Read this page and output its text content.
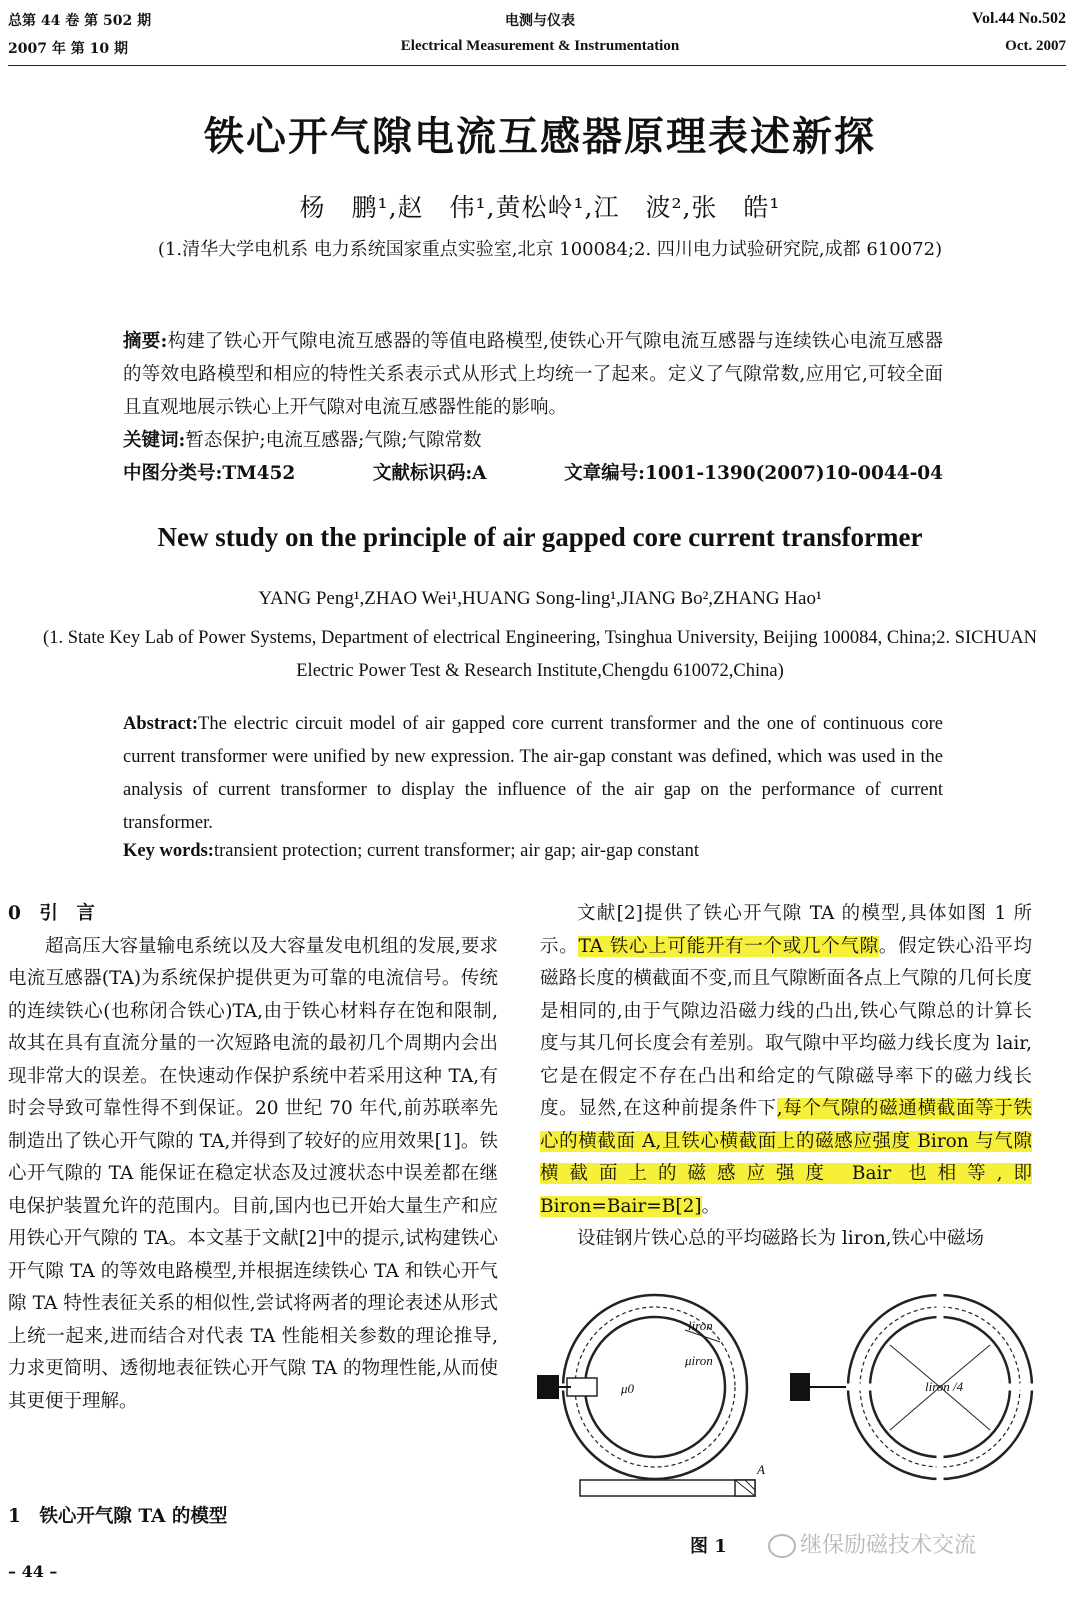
总第 44 卷 第 502 期
2007 年 第 10 期
电测与仪表
Electrical Measurement & Instrumentation
Vol.44 No.502
Oct. 2007
铁心开气隙电流互感器原理表述新探
杨　鹏¹,赵　伟¹,黄松岭¹,江　波²,张　皓¹
(1.清华大学电机系 电力系统国家重点实验室,北京 100084;2. 四川电力试验研究院,成都 610072)
摘要:构建了铁心开气隙电流互感器的等值电路模型,使铁心开气隙电流互感器与连续铁心电流互感器的等效电路模型和相应的特性关系表示式从形式上均统一了起来。定义了气隙常数,应用它,可较全面且直观地展示铁心上开气隙对电流互感器性能的影响。
关键词:暂态保护;电流互感器;气隙;气隙常数
中图分类号:TM452	文献标识码:A	文章编号:1001-1390(2007)10-0044-04
New study on the principle of air gapped core current transformer
YANG Peng¹,ZHAO Wei¹,HUANG Song-ling¹,JIANG Bo²,ZHANG Hao¹
(1. State Key Lab of Power Systems, Department of electrical Engineering, Tsinghua University, Beijing 100084, China;2. SICHUAN Electric Power Test & Research Institute,Chengdu 610072,China)
Abstract:The electric circuit model of air gapped core current transformer and the one of continuous core current transformer were unified by new expression. The air-gap constant was defined, which was used in the analysis of current transformer to display the influence of the air gap on the performance of current transformer.
Key words:transient protection; current transformer; air gap; air-gap constant

0　引　言

超高压大容量输电系统以及大容量发电机组的发展,要求电流互感器(TA)为系统保护提供更为可靠的电流信号。传统的连续铁心(也称闭合铁心)TA,由于铁心材料存在饱和限制,故其在具有直流分量的一次短路电流的最初几个周期内会出现非常大的误差。在快速动作保护系统中若采用这种 TA,有时会导致可靠性得不到保证。20 世纪 70 年代,前苏联率先制造出了铁心开气隙的 TA,并得到了较好的应用效果[1]。铁心开气隙的 TA 能保证在稳定状态及过渡状态中误差都在继电保护装置允许的范围内。目前,国内也已开始大量生产和应用铁心开气隙的 TA。本文基于文献[2]中的提示,试构建铁心开气隙 TA 的等效电路模型,并根据连续铁心 TA 和铁心开气隙 TA 特性表征关系的相似性,尝试将两者的理论表述从形式上统一起来,进而结合对代表 TA 性能相关参数的理论推导,力求更简明、透彻地表征铁心开气隙 TA 的物理性能,从而使其更便于理解。

1　铁心开气隙 TA 的模型
– 44 –

文献[2]提供了铁心开气隙 TA 的模型,具体如图 1 所示。TA 铁心上可能开有一个或几个气隙。假定铁心沿平均磁路长度的横截面不变,而且气隙断面各点上气隙的几何长度是相同的,由于气隙边沿磁力线的凸出,铁心气隙总的计算长度与其几何长度会有差别。取气隙中平均磁力线长度为 lair,它是在假定不存在凸出和给定的气隙磁导率下的磁力线长度。显然,在这种前提条件下,每个气隙的磁通横截面等于铁心的横截面 A,且铁心横截面上的磁感应强度 Biron 与气隙横截面上的磁感应强度 Bair 也相等,即 Biron=Bair=B[2]。

设硅钢片铁心总的平均磁路长为 liron,铁心中磁场

liron
μ0
μiron
liron /4
A
图 1	继保励磁技术交流
